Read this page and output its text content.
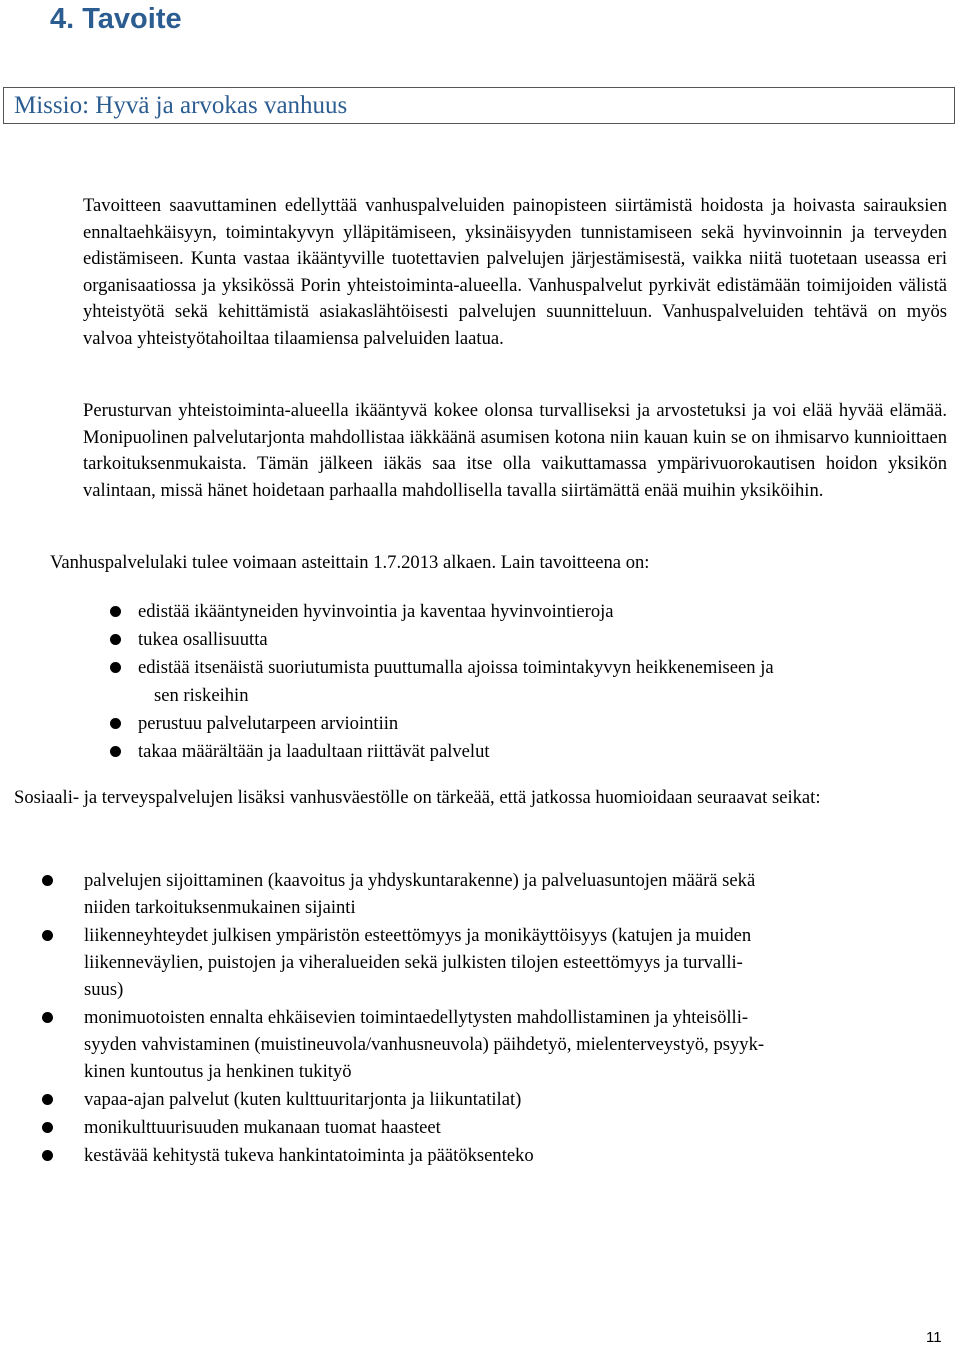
4. Tavoite
Missio: Hyvä ja arvokas vanhuus

Tavoitteen saavuttaminen edellyttää vanhuspalveluiden painopisteen siirtämistä hoidosta ja hoivasta sairauksien ennaltaehkäisyyn, toimintakyvyn ylläpitämiseen, yksinäisyyden tunnistamiseen sekä hyvinvoinnin ja terveyden edistämiseen. Kunta vastaa ikääntyville tuotettavien palvelujen järjestämisestä, vaikka niitä tuotetaan useassa eri organisaatiossa ja yksikössä Porin yhteistoiminta-alueella. Vanhuspalvelut pyrkivät edistämään toimijoiden välistä yhteistyötä sekä kehittämistä asiakaslähtöisesti palvelujen suunnitteluun. Vanhuspalveluiden tehtävä on myös valvoa yhteistyötahoiltaa tilaamiensa palveluiden laatua.

Perusturvan yhteistoiminta-alueella ikääntyvä kokee olonsa turvalliseksi ja arvostetuksi ja voi elää hyvää elämää. Monipuolinen palvelutarjonta mahdollistaa iäkkäänä asumisen kotona niin kauan kuin se on ihmisarvo kunnioittaen tarkoituksenmukaista. Tämän jälkeen iäkäs saa itse olla vaikuttamassa ympärivuorokautisen hoidon yksikön valintaan, missä hänet hoidetaan parhaalla mahdollisella tavalla siirtämättä enää muihin yksiköihin.

Vanhuspalvelulaki tulee voimaan asteittain 1.7.2013 alkaen. Lain tavoitteena on:

edistää ikääntyneiden hyvinvointia ja kaventaa hyvinvointieroja
tukea osallisuutta
edistää itsenäistä suoriutumista puuttumalla ajoissa toimintakyvyn heikkenemiseen ja
sen riskeihin
perustuu palvelutarpeen arviointiin
takaa määrältään ja laadultaan riittävät palvelut

Sosiaali- ja terveyspalvelujen lisäksi vanhusväestölle on tärkeää, että jatkossa huomioidaan seuraavat seikat:

palvelujen sijoittaminen (kaavoitus ja yhdyskuntarakenne) ja palveluasuntojen määrä sekä
niiden tarkoituksenmukainen sijainti
liikenneyhteydet julkisen ympäristön esteettömyys ja monikäyttöisyys (katujen ja muiden
liikenneväylien, puistojen ja viheralueiden sekä julkisten tilojen esteettömyys ja turvalli-
suus)
monimuotoisten ennalta ehkäisevien toimintaedellytysten mahdollistaminen ja yhteisölli-
syyden vahvistaminen (muistineuvola/vanhusneuvola) päihdetyö, mielenterveystyö, psyyk-
kinen kuntoutus ja henkinen tukityö
vapaa-ajan palvelut (kuten kulttuuritarjonta ja liikuntatilat)
monikulttuurisuuden mukanaan tuomat haasteet
kestävää kehitystä tukeva hankintatoiminta ja päätöksenteko

11
